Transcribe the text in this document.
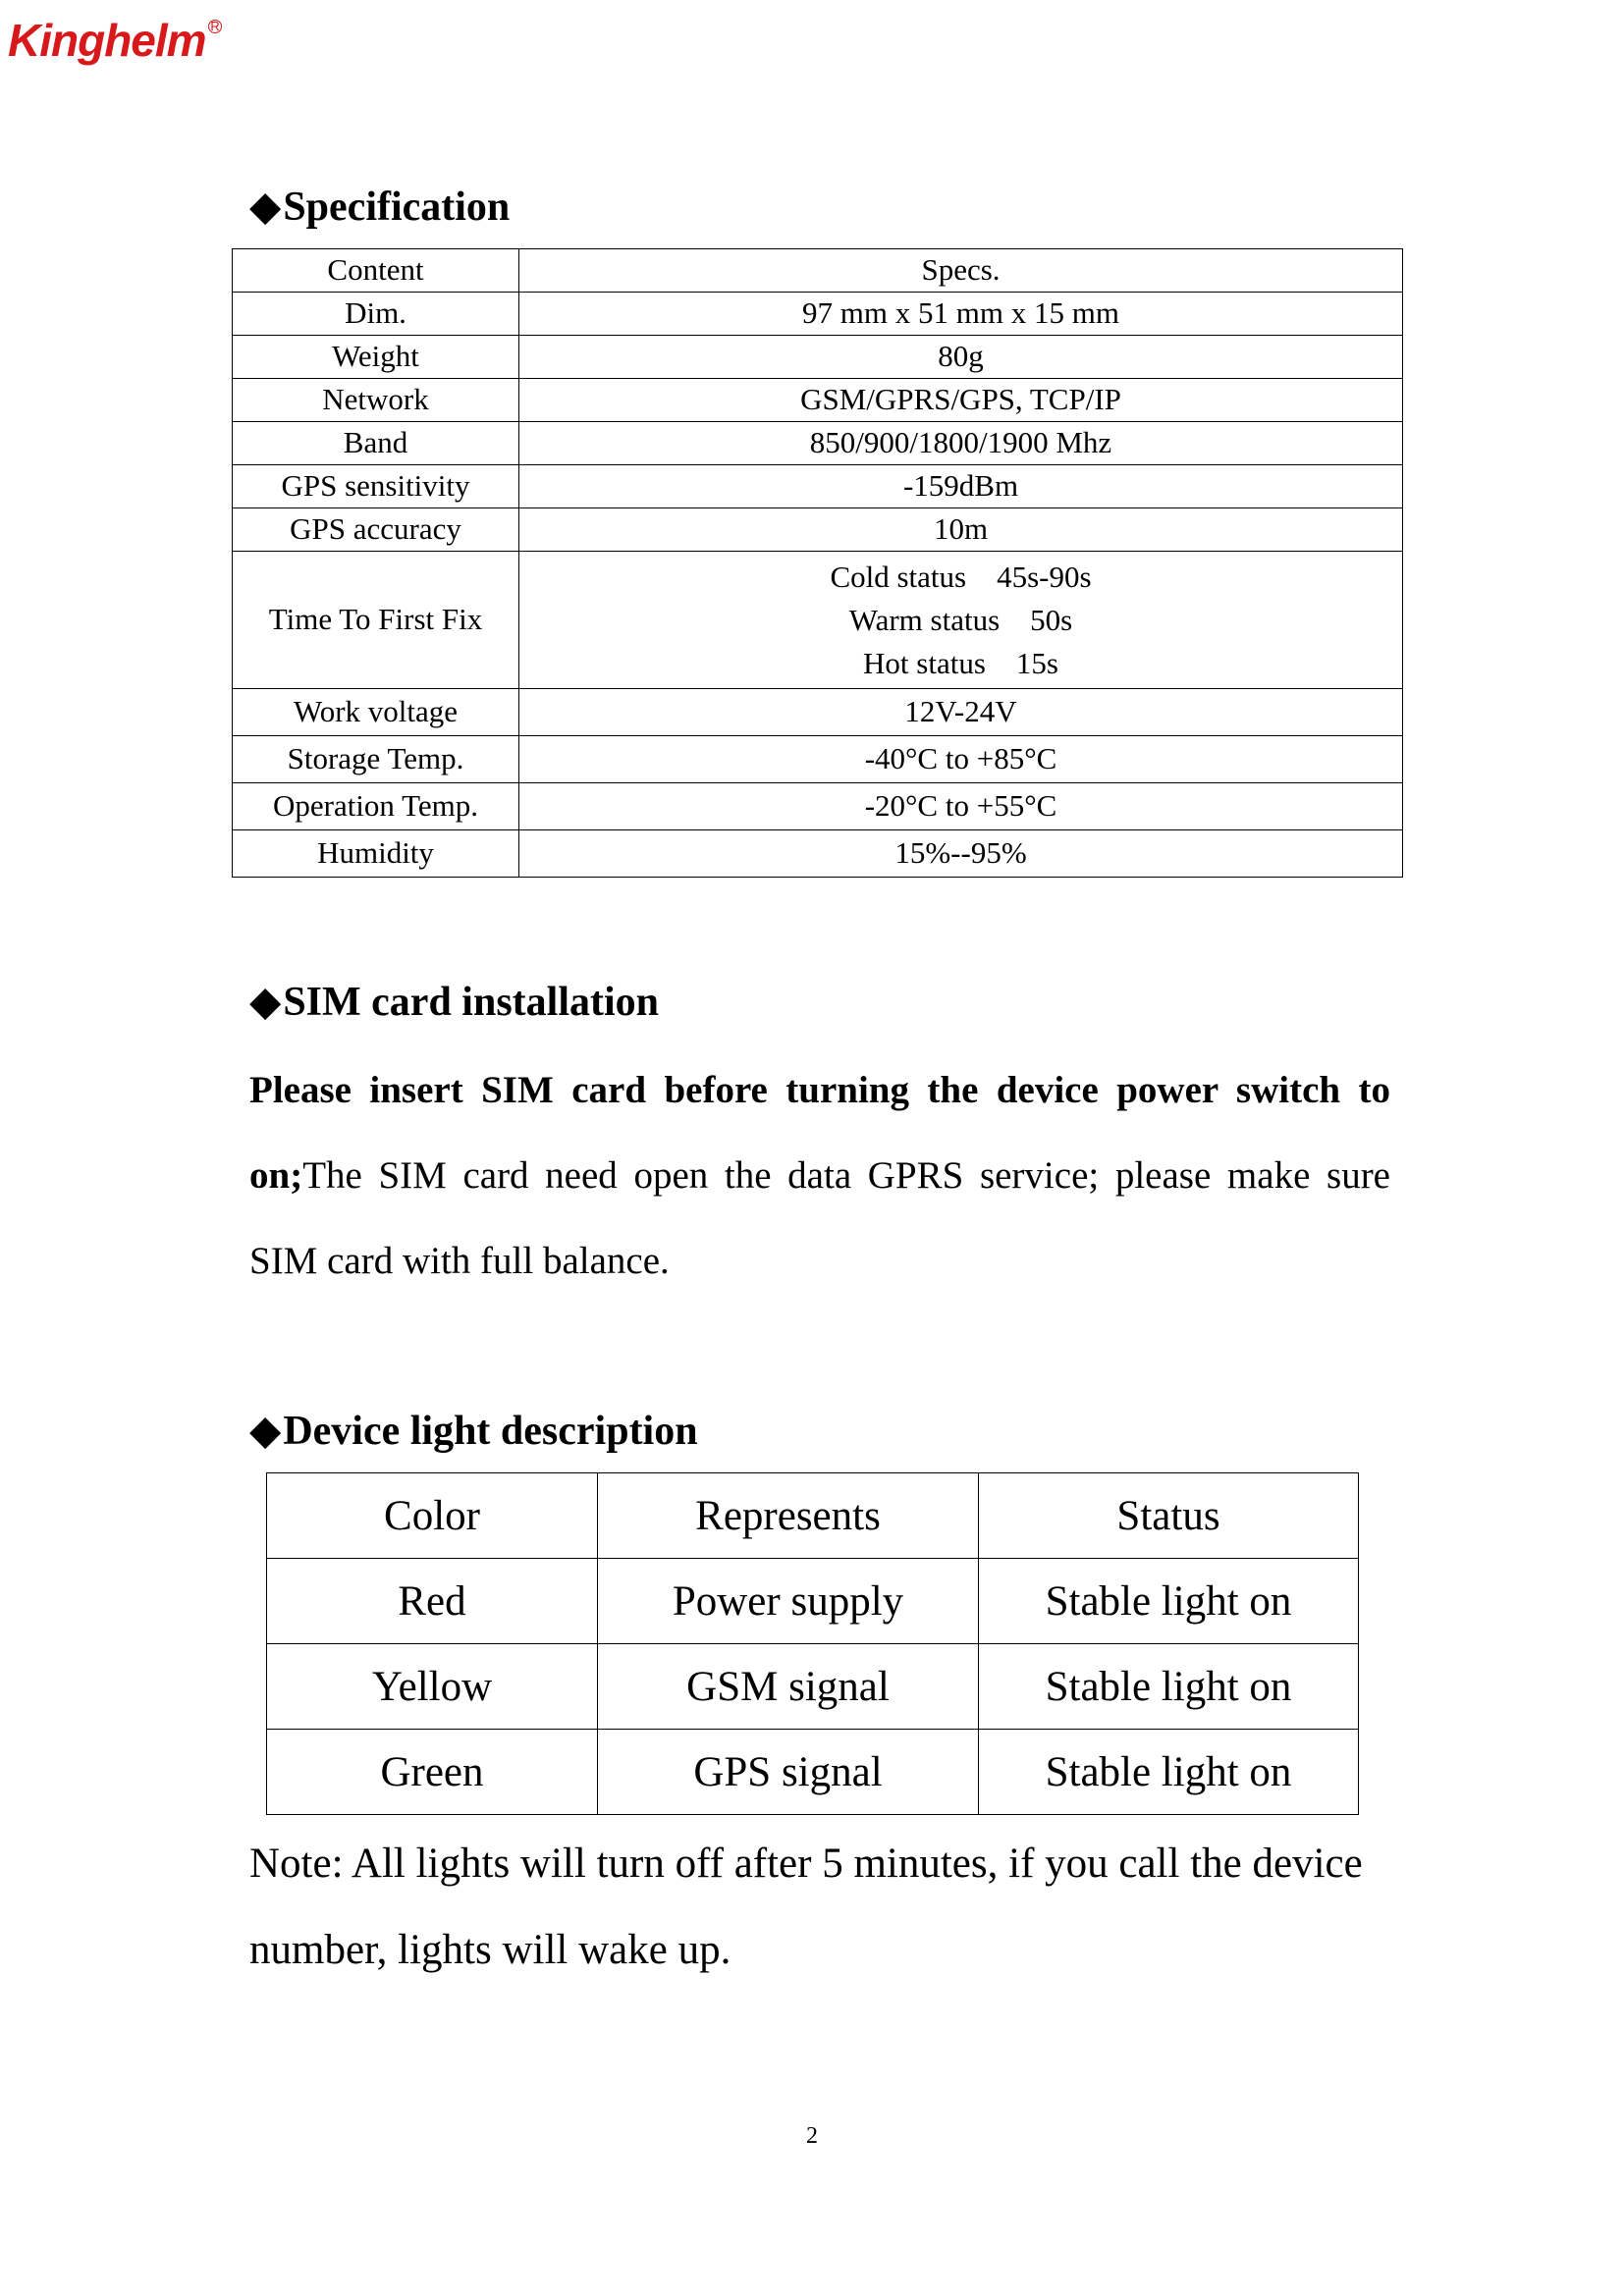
Kinghelm R
◆Specification
Content	Specs.
Dim.	97 mm x 51 mm x 15 mm
Weight	80g
Network	GSM/GPRS/GPS, TCP/IP
Band	850/900/1800/1900 Mhz
GPS sensitivity	-159dBm
GPS accuracy	10m
Time To First Fix	Cold status    45s-90s
Warm status    50s
Hot status    15s

Work voltage	12V-24V
Storage Temp.	-40°C to +85°C
Operation Temp.	-20°C to +55°C
Humidity	15%--95%
◆SIM card installation
Please insert SIM card before turning the device power switch to on;The SIM card need open the data GPRS service; please make sure SIM card with full balance.
◆Device light description
Color	Represents	Status
Red	Power supply	Stable light on
Yellow	GSM signal	Stable light on
Green	GPS signal	Stable light on
Note: All lights will turn off after 5 minutes, if you call the device number, lights will wake up.
2
